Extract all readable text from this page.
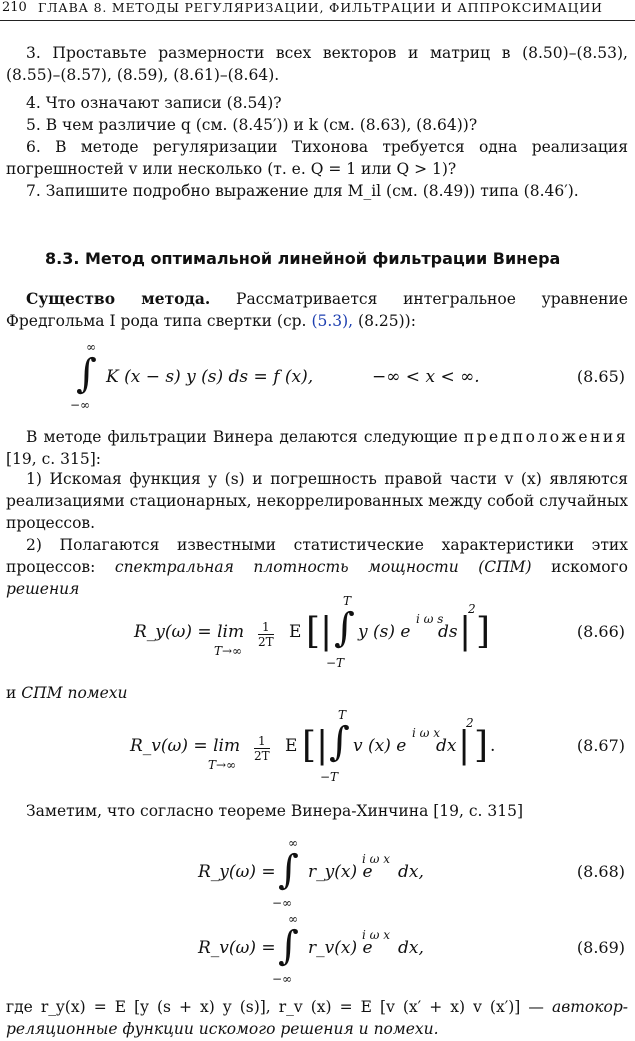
210 ГЛАВА 8. МЕТОДЫ РЕГУЛЯРИЗАЦИИ, ФИЛЬТРАЦИИ И АППРОКСИМАЦИИ
3. Проставьте размерности всех векторов и матриц в (8.50)–(8.53), (8.55)–(8.57), (8.59), (8.61)–(8.64).
4. Что означают записи (8.54)?
5. В чем различие q (см. (8.45′)) и k (см. (8.63), (8.64))?
6. В методе регуляризации Тихонова требуется одна реализация погрешностей v или несколько (т. е. Q = 1 или Q > 1)?
7. Запишите подробно выражение для M_il (см. (8.49)) типа (8.46′).
8.3. Метод оптимальной линейной фильтрации Винера
Существо метода. Рассматривается интегральное уравнение Фредгольма I рода типа свертки (ср. (5.3), (8.25)):
∞
∫
−∞
K (x − s) y (s) ds = f (x),	−∞ < x < ∞.	(8.65)
В методе фильтрации Винера делаются следующие предположения [19, с. 315]:
1) Искомая функция y (s) и погрешность правой части v (x) являются реализациями стационарных, некоррелированных между собой случайных процессов.
2) Полагаются известными статистические характеристики этих процессов: спектральная плотность мощности (СПМ) искомого решения
R_y(ω) = lim
T→∞
$\frac{1}{2T}$ E [ |
T
∫
−T
y (s) e
i ω s
ds |
2
]	(8.66)
и СПМ помехи
R_v(ω) = lim
T→∞
$\frac{1}{2T}$ E [ |
T
∫
−T
v (x) e
i ω x
dx |
2
] .	(8.67)
Заметим, что согласно теореме Винера-Хинчина [19, с. 315]
R_y(ω) =
∞
∫
−∞
r_y(x) e
i ω x
dx,	(8.68)
R_v(ω) =
∞
∫
−∞
r_v(x) e
i ω x
dx,	(8.69)
где r_y(x) = E [y (s + x) y (s)], r_v (x) = E [v (x′ + x) v (x′)] — автокор- реляционные функции искомого решения и помехи.
